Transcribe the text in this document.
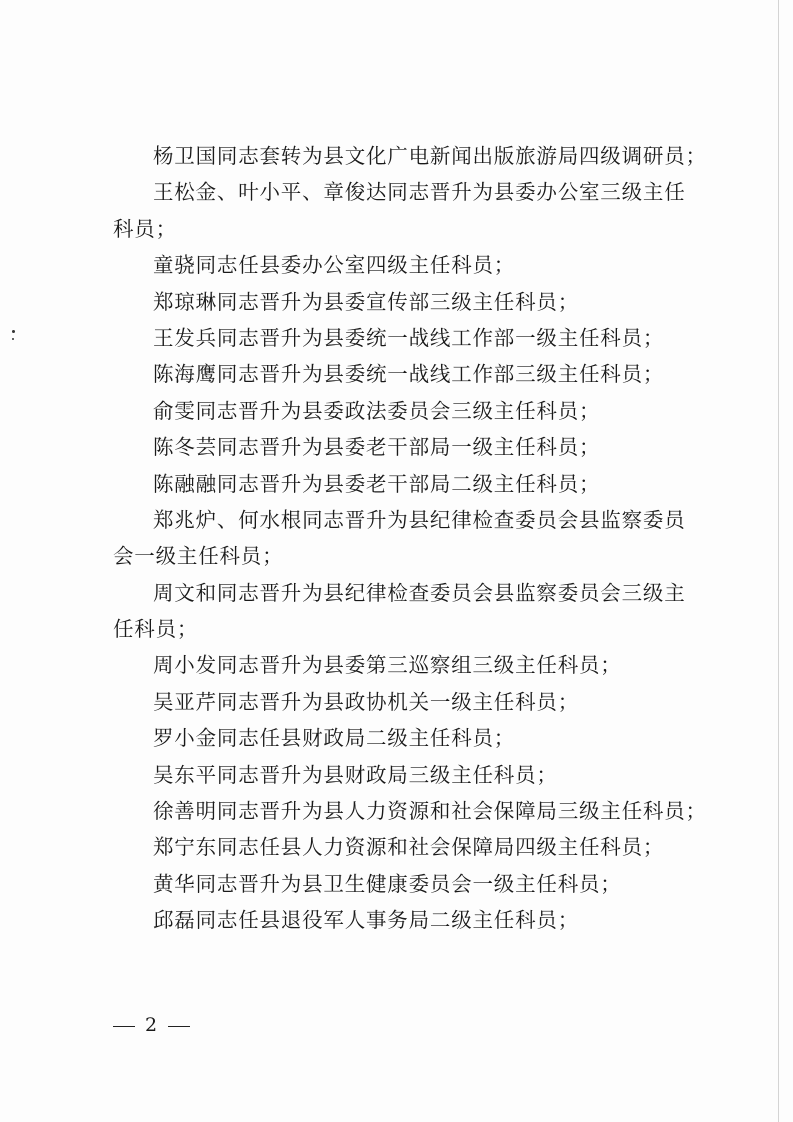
杨卫国同志套转为县文化广电新闻出版旅游局四级调研员；
王松金、叶小平、章俊达同志晋升为县委办公室三级主任
科员；
童骁同志任县委办公室四级主任科员；
郑琼琳同志晋升为县委宣传部三级主任科员；
王发兵同志晋升为县委统一战线工作部一级主任科员；
陈海鹰同志晋升为县委统一战线工作部三级主任科员；
俞雯同志晋升为县委政法委员会三级主任科员；
陈冬芸同志晋升为县委老干部局一级主任科员；
陈融融同志晋升为县委老干部局二级主任科员；
郑兆炉、何水根同志晋升为县纪律检查委员会县监察委员
会一级主任科员；
周文和同志晋升为县纪律检查委员会县监察委员会三级主
任科员；
周小发同志晋升为县委第三巡察组三级主任科员；
吴亚芹同志晋升为县政协机关一级主任科员；
罗小金同志任县财政局二级主任科员；
吴东平同志晋升为县财政局三级主任科员；
徐善明同志晋升为县人力资源和社会保障局三级主任科员；
郑宁东同志任县人力资源和社会保障局四级主任科员；
黄华同志晋升为县卫生健康委员会一级主任科员；
邱磊同志任县退役军人事务局二级主任科员；
2
